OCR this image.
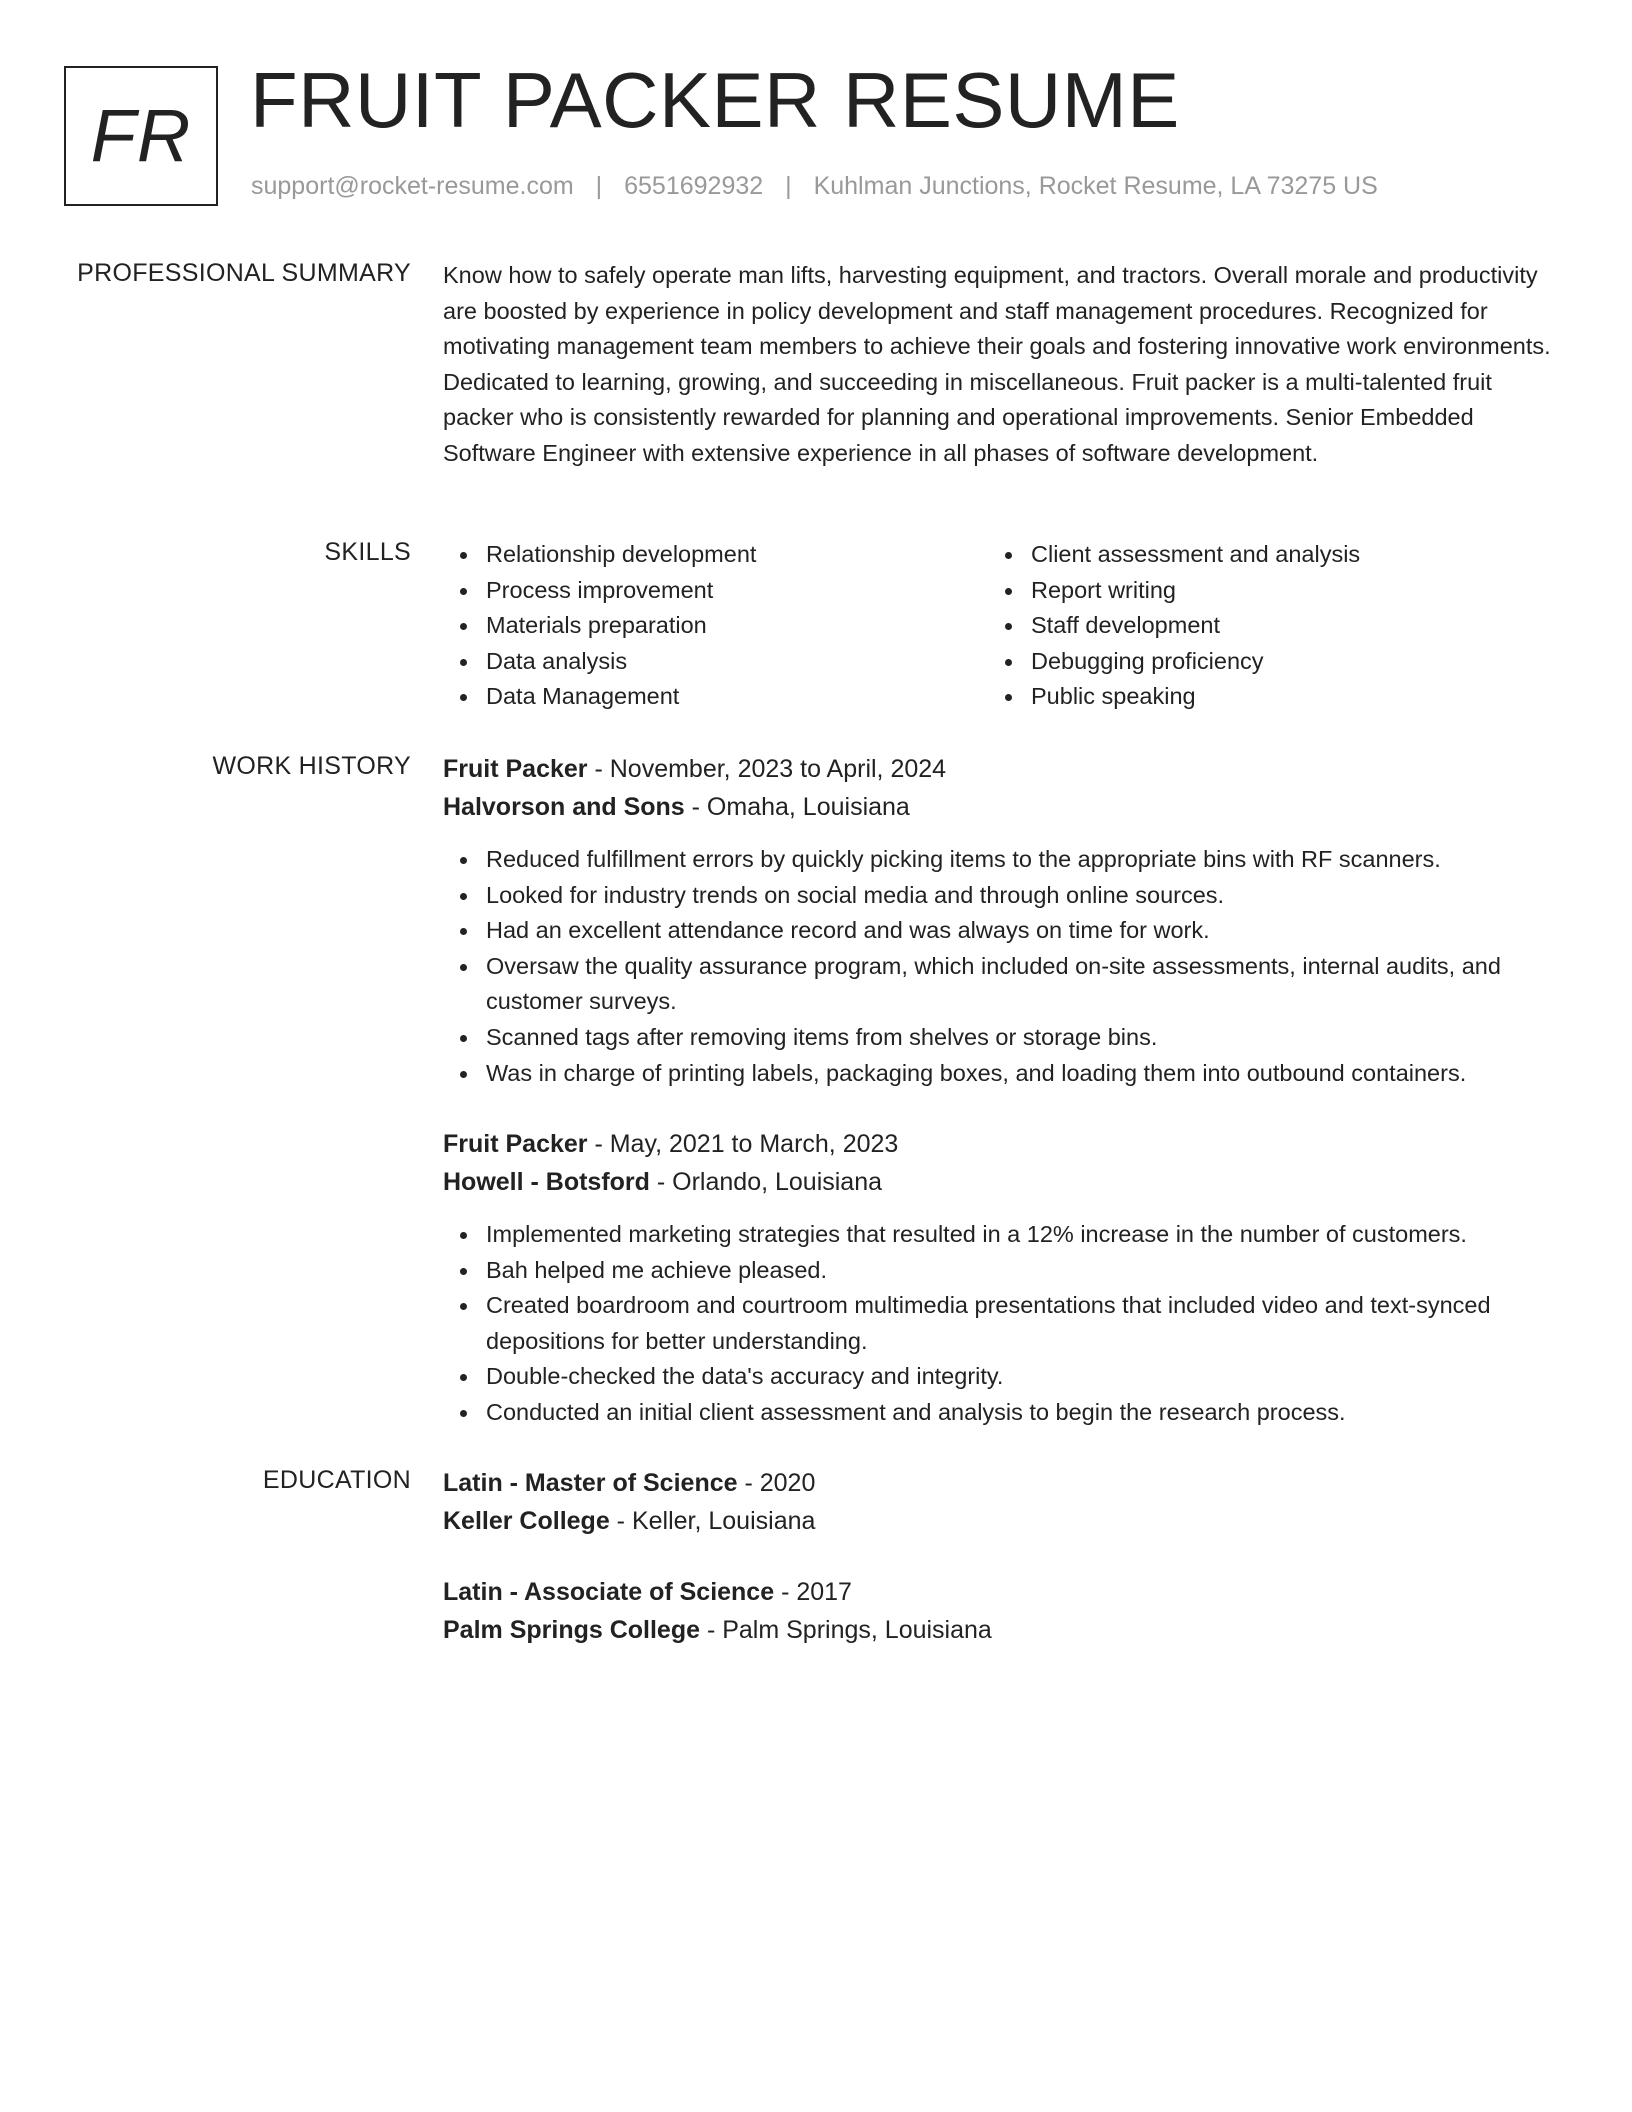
FR FRUIT PACKER RESUME
support@rocket-resume.com | 6551692932 | Kuhlman Junctions, Rocket Resume, LA 73275 US
PROFESSIONAL SUMMARY Know how to safely operate man lifts, harvesting equipment, and tractors. Overall morale and productivity are boosted by experience in policy development and staff management procedures. Recognized for motivating management team members to achieve their goals and fostering innovative work environments. Dedicated to learning, growing, and succeeding in miscellaneous. Fruit packer is a multi-talented fruit packer who is consistently rewarded for planning and operational improvements. Senior Embedded Software Engineer with extensive experience in all phases of software development.

SKILLS	Relationship development
Process improvement
Materials preparation
Data analysis
Data Management
Client assessment and analysis
Report writing
Staff development
Debugging proficiency
Public speaking
WORK HISTORY Fruit Packer - November, 2023 to April, 2024
Halvorson and Sons - Omaha, Louisiana
Reduced fulfillment errors by quickly picking items to the appropriate bins with RF scanners.
Looked for industry trends on social media and through online sources.
Had an excellent attendance record and was always on time for work.
Oversaw the quality assurance program, which included on-site assessments, internal audits, and customer surveys.
Scanned tags after removing items from shelves or storage bins.
Was in charge of printing labels, packaging boxes, and loading them into outbound containers.
Fruit Packer - May, 2021 to March, 2023
Howell - Botsford - Orlando, Louisiana
Implemented marketing strategies that resulted in a 12% increase in the number of customers.
Bah helped me achieve pleased.
Created boardroom and courtroom multimedia presentations that included video and text-synced depositions for better understanding.
Double-checked the data's accuracy and integrity.
Conducted an initial client assessment and analysis to begin the research process.
EDUCATION Latin - Master of Science - 2020
Keller College - Keller, Louisiana
Latin - Associate of Science - 2017
Palm Springs College - Palm Springs, Louisiana
